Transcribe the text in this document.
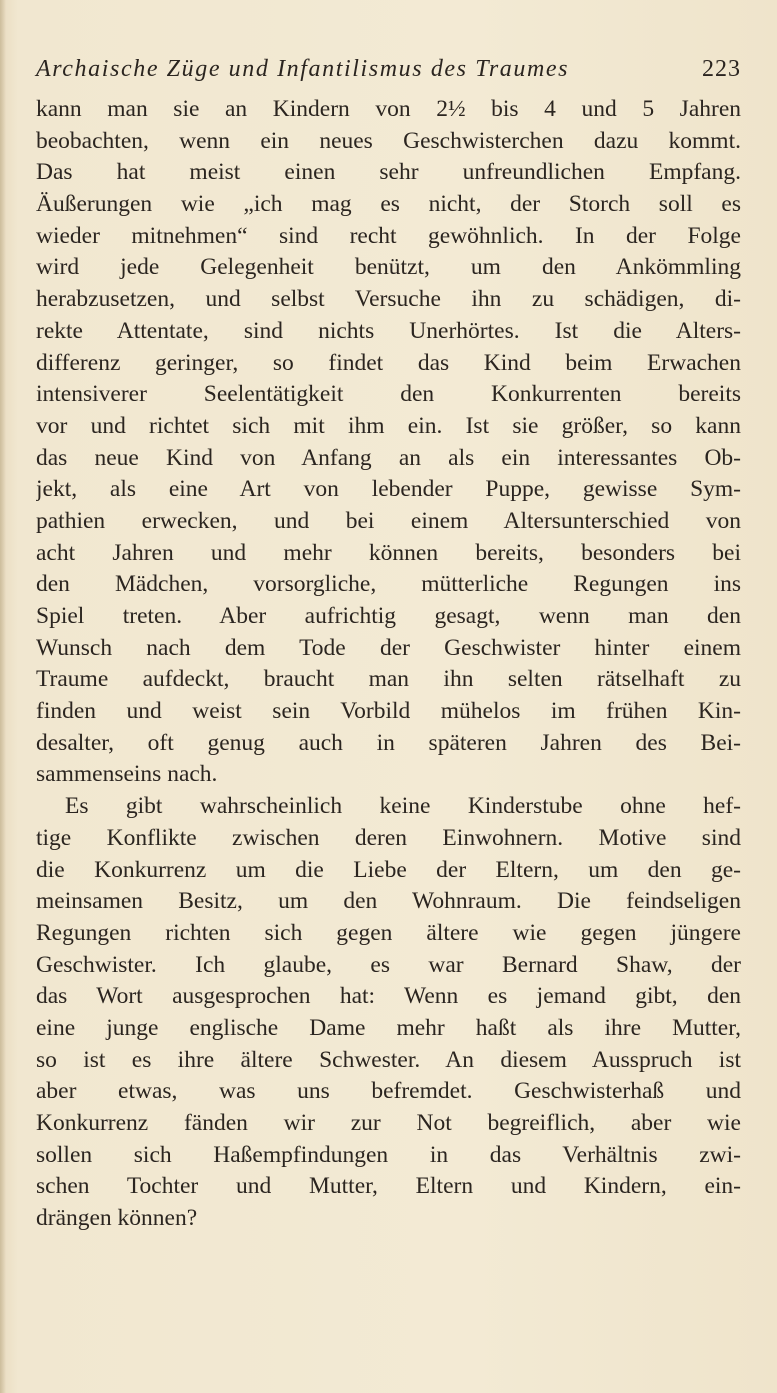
Archaische Züge und Infantilismus des Traumes	223
kann man sie an Kindern von 2½ bis 4 und 5 Jahren
beobachten, wenn ein neues Geschwisterchen dazu kommt.
Das hat meist einen sehr unfreundlichen Empfang.
Äußerungen wie „ich mag es nicht, der Storch soll es
wieder mitnehmen“ sind recht gewöhnlich. In der Folge
wird jede Gelegenheit benützt, um den Ankömmling
herabzusetzen, und selbst Versuche ihn zu schädigen, di-
rekte Attentate, sind nichts Unerhörtes. Ist die Alters-
differenz geringer, so findet das Kind beim Erwachen
intensiverer Seelentätigkeit den Konkurrenten bereits
vor und richtet sich mit ihm ein. Ist sie größer, so kann
das neue Kind von Anfang an als ein interessantes Ob-
jekt, als eine Art von lebender Puppe, gewisse Sym-
pathien erwecken, und bei einem Altersunterschied von
acht Jahren und mehr können bereits, besonders bei
den Mädchen, vorsorgliche, mütterliche Regungen ins
Spiel treten. Aber aufrichtig gesagt, wenn man den
Wunsch nach dem Tode der Geschwister hinter einem
Traume aufdeckt, braucht man ihn selten rätselhaft zu
finden und weist sein Vorbild mühelos im frühen Kin-
desalter, oft genug auch in späteren Jahren des Bei-
sammenseins nach.
Es gibt wahrscheinlich keine Kinderstube ohne hef-
tige Konflikte zwischen deren Einwohnern. Motive sind
die Konkurrenz um die Liebe der Eltern, um den ge-
meinsamen Besitz, um den Wohnraum. Die feindseligen
Regungen richten sich gegen ältere wie gegen jüngere
Geschwister. Ich glaube, es war Bernard Shaw, der
das Wort ausgesprochen hat: Wenn es jemand gibt, den
eine junge englische Dame mehr haßt als ihre Mutter,
so ist es ihre ältere Schwester. An diesem Ausspruch ist
aber etwas, was uns befremdet. Geschwisterhaß und
Konkurrenz fänden wir zur Not begreiflich, aber wie
sollen sich Haßempfindungen in das Verhältnis zwi-
schen Tochter und Mutter, Eltern und Kindern, ein-
drängen können?
